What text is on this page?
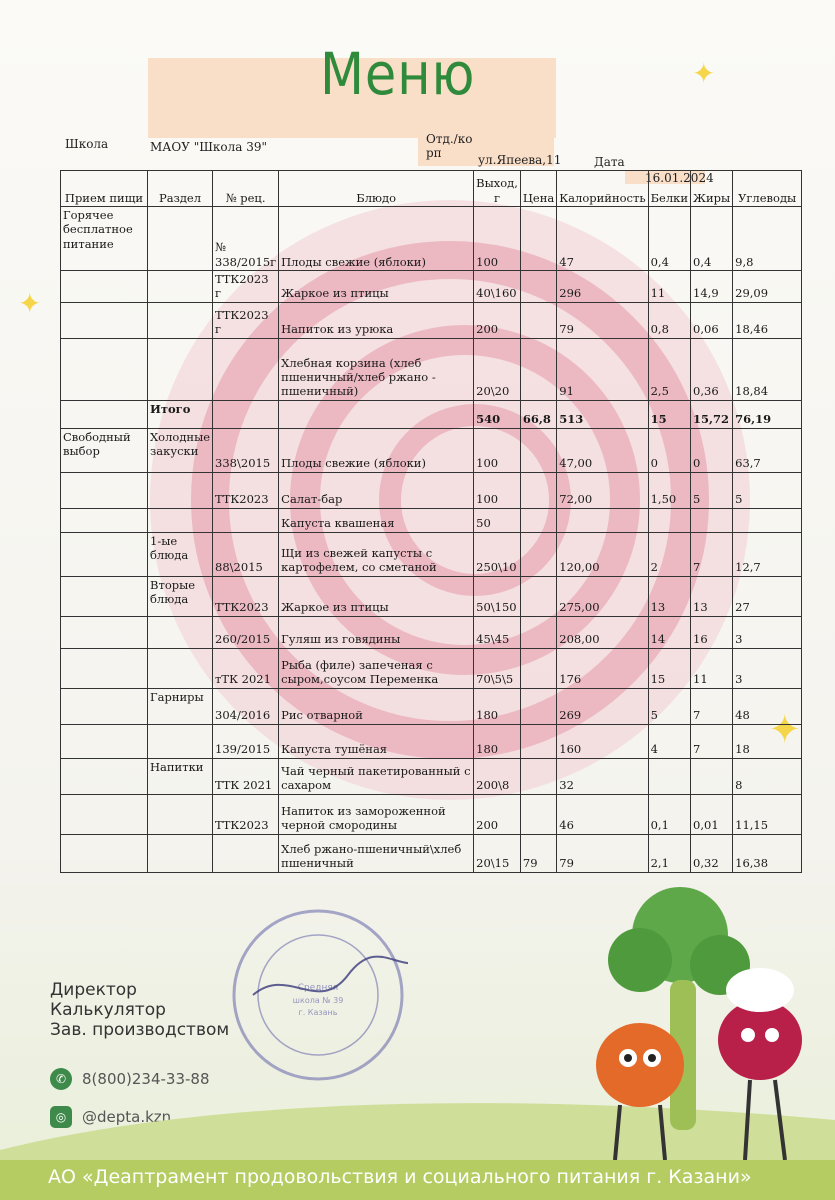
Меню	✦
✦
✦
Школа	МАОУ "Школа 39"
Отд./ко рп	ул.Япеева,11	Дата
16.01.2024
Прием пищи	Раздел	№ рец.	Блюдо	Выход, г	Цена	Калорийность	Белки	Жиры	Углеводы
Горячее бесплатное питание		№ 338/2015г	Плоды свежие (яблоки)	100		47	0,4	0,4	9,8
		ТТК2023 г	Жаркое из птицы	40\160		296	11	14,9	29,09
		ТТК2023 г	Напиток из урюка	200		79	0,8	0,06	18,46
			Хлебная корзина (хлеб пшеничный/хлеб ржано - пшеничный)	20\20		91	2,5	0,36	18,84
	Итого			540	66,8	513	15	15,72	76,19
Свободный выбор	Холодные закуски	338\2015	Плоды свежие (яблоки)	100		47,00	0	0	63,7
		ТТК2023	Салат-бар	100		72,00	1,50	5	5
			Капуста квашеная	50					
	1-ые блюда	88\2015	Щи из свежей капусты с картофелем, со сметаной	250\10		120,00	2	7	12,7
	Вторые блюда	ТТК2023	Жаркое из птицы	50\150		275,00	13	13	27
		260/2015	Гуляш из говядины	45\45		208,00	14	16	3
		тТК 2021	Рыба (филе) запеченая с сыром,соусом Переменка	70\5\5		176	15	11	3
	Гарниры	304/2016	Рис отварной	180		269	5	7	48
		139/2015	Капуста тушёная	180		160	4	7	18
	Напитки	ТТК 2021	Чай черный пакетированный с сахаром	200\8		32			8
		ТТК2023	Напиток из замороженной черной смородины	200		46	0,1	0,01	11,15
			Хлеб ржано-пшеничный\хлеб пшеничный	20\15	79	79	2,1	0,32	16,38
Директор
Калькулятор
Зав. производством
✆	8(800)234-33-88
◎	@depta.kzn
Средняя
школа № 39
г. Казань
АО «Деаптрамент продовольствия и социального питания г. Казани»
